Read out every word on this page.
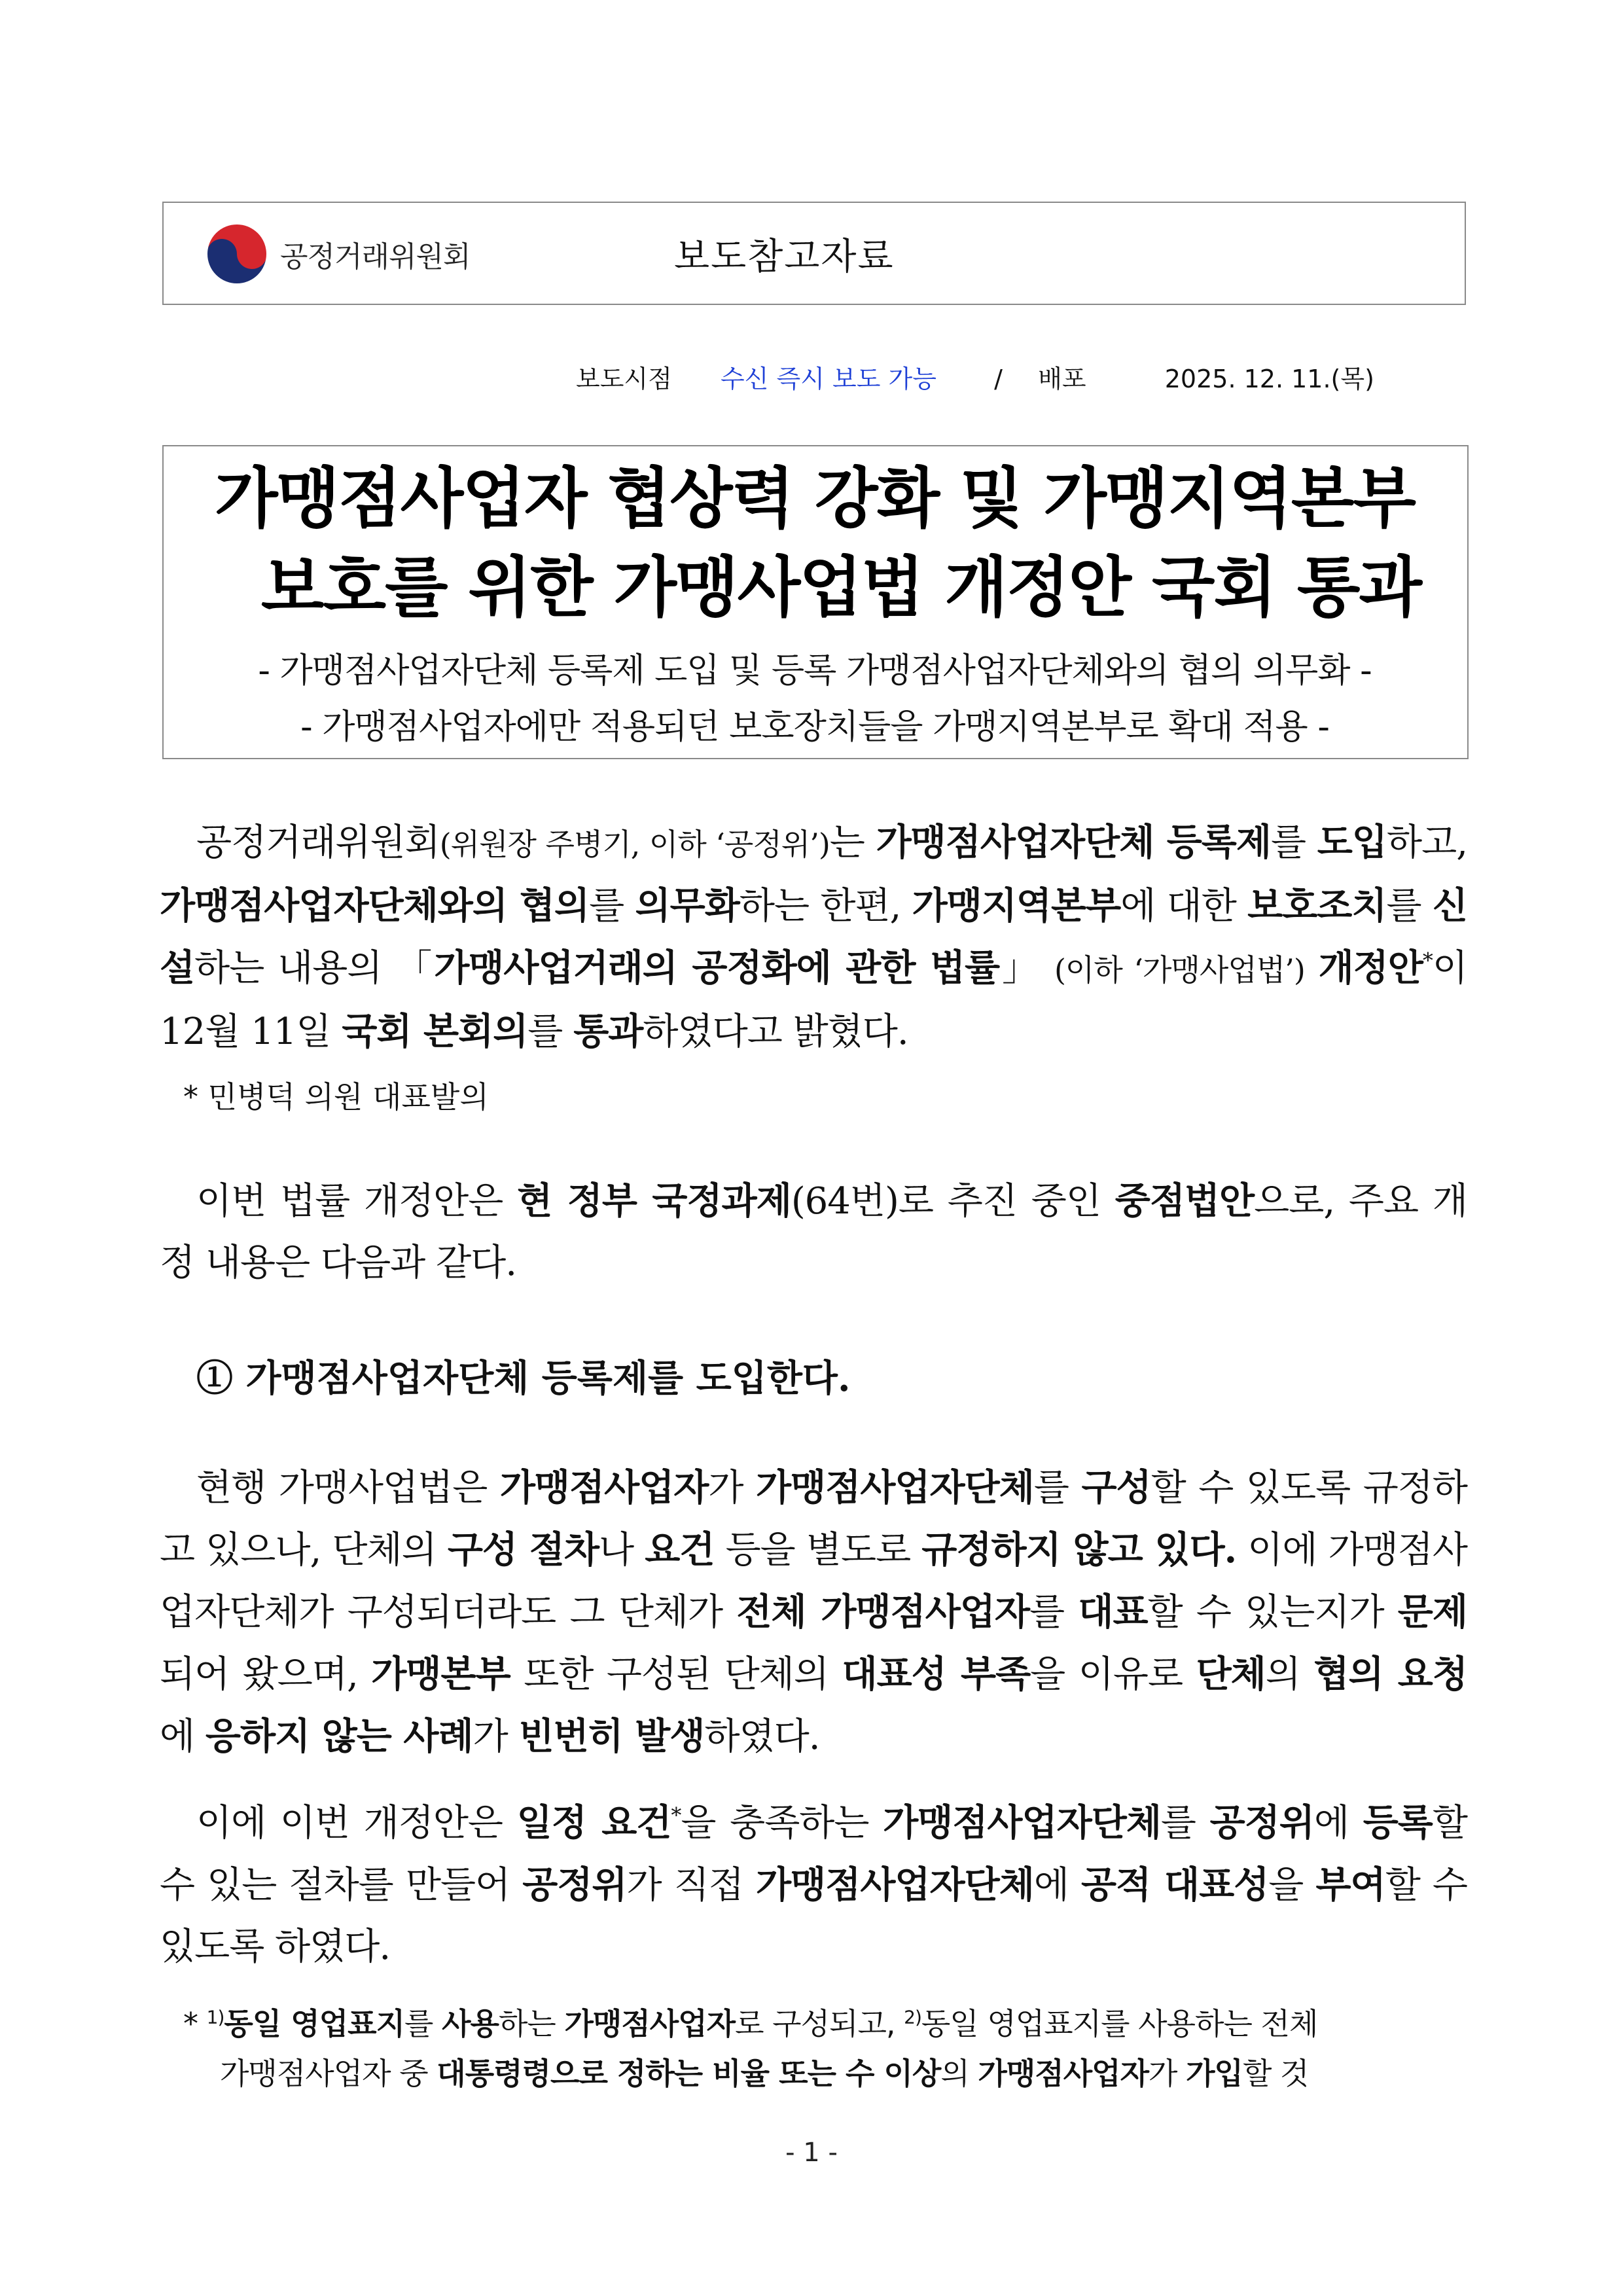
공정거래위원회	보도참고자료
보도시점 수신 즉시 보도 가능 / 배포	2025. 12. 11.(목)
가맹점사업자 협상력 강화 및 가맹지역본부
보호를 위한 가맹사업법 개정안 국회 통과
- 가맹점사업자단체 등록제 도입 및 등록 가맹점사업자단체와의 협의 의무화 -
- 가맹점사업자에만 적용되던 보호장치들을 가맹지역본부로 확대 적용 -
공정거래위원회(위원장 주병기, 이하 ‘공정위’)는 가맹점사업자단체 등록제를 도입하고, 가맹점사업자단체와의 협의를 의무화하는 한편, 가맹지역본부에 대한 보호조치를 신설하는 내용의 「가맹사업거래의 공정화에 관한 법률」 (이하 ‘가맹사업법’) 개정안*이 12월 11일 국회 본회의를 통과하였다고 밝혔다.
* 민병덕 의원 대표발의
이번 법률 개정안은 현 정부 국정과제(64번)로 추진 중인 중점법안으로, 주요 개정 내용은 다음과 같다.
① 가맹점사업자단체 등록제를 도입한다.
현행 가맹사업법은 가맹점사업자가 가맹점사업자단체를 구성할 수 있도록 규정하고 있으나, 단체의 구성 절차나 요건 등을 별도로 규정하지 않고 있다. 이에 가맹점사업자단체가 구성되더라도 그 단체가 전체 가맹점사업자를 대표할 수 있는지가 문제되어 왔으며, 가맹본부 또한 구성된 단체의 대표성 부족을 이유로 단체의 협의 요청에 응하지 않는 사례가 빈번히 발생하였다.
이에 이번 개정안은 일정 요건*을 충족하는 가맹점사업자단체를 공정위에 등록할 수 있는 절차를 만들어 공정위가 직접 가맹점사업자단체에 공적 대표성을 부여할 수 있도록 하였다.
* $^{1)}$동일 영업표지를 사용하는 가맹점사업자로 구성되고, $^{2)}$동일 영업표지를 사용하는 전체
가맹점사업자 중 대통령령으로 정하는 비율 또는 수 이상의 가맹점사업자가 가입할 것
- 1 -
